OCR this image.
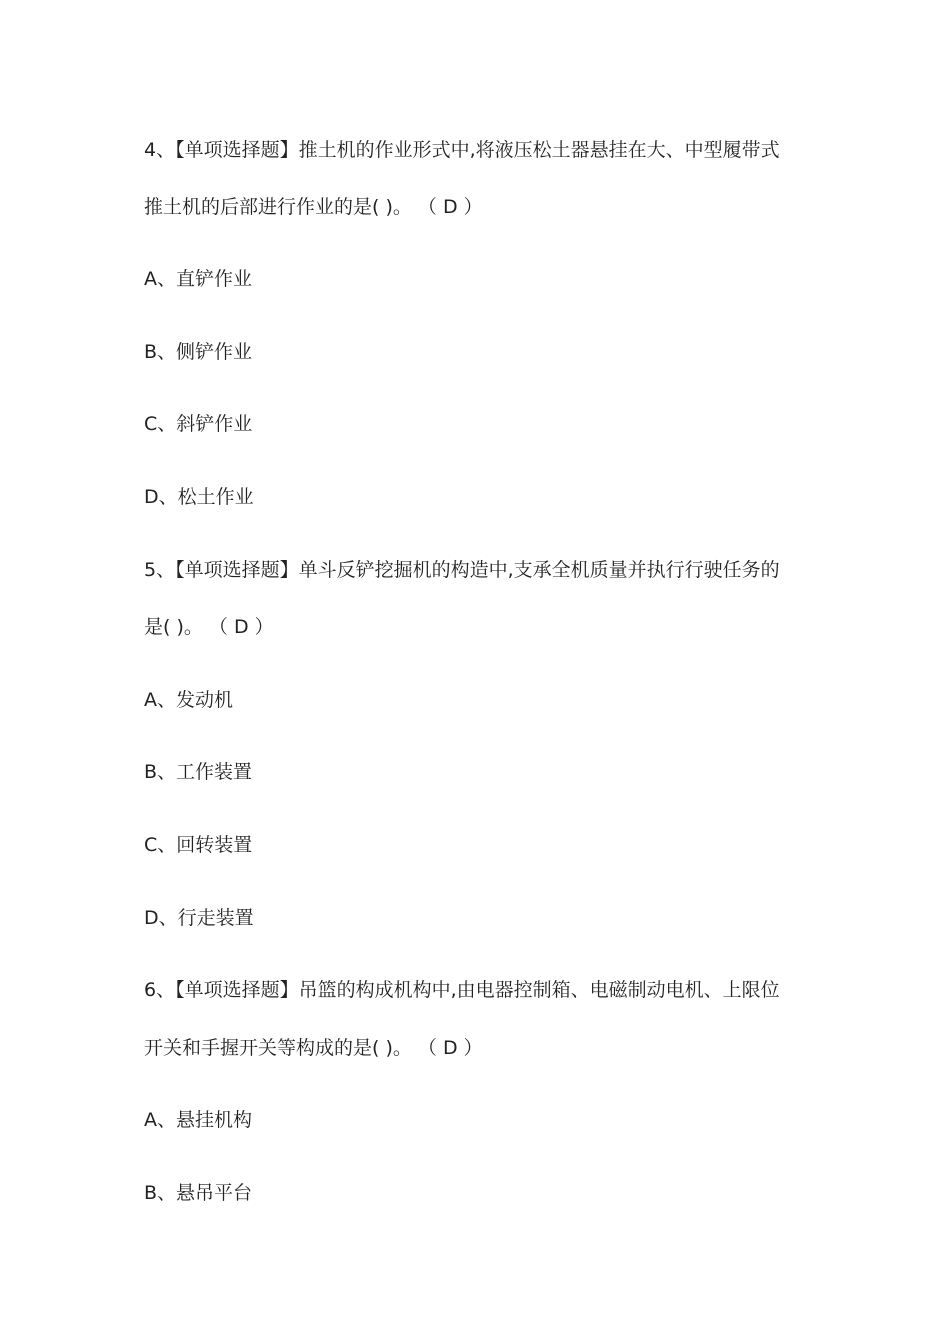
4、【单项选择题】推土机的作业形式中,将液压松土器悬挂在大、中型履带式
推土机的后部进行作业的是( )。 （ D ）
A、直铲作业
B、侧铲作业
C、斜铲作业
D、松土作业
5、【单项选择题】单斗反铲挖掘机的构造中,支承全机质量并执行行驶任务的
是( )。 （ D ）
A、发动机
B、工作装置
C、回转装置
D、行走装置
6、【单项选择题】吊篮的构成机构中,由电器控制箱、电磁制动电机、上限位
开关和手握开关等构成的是( )。 （ D ）
A、悬挂机构
B、悬吊平台
